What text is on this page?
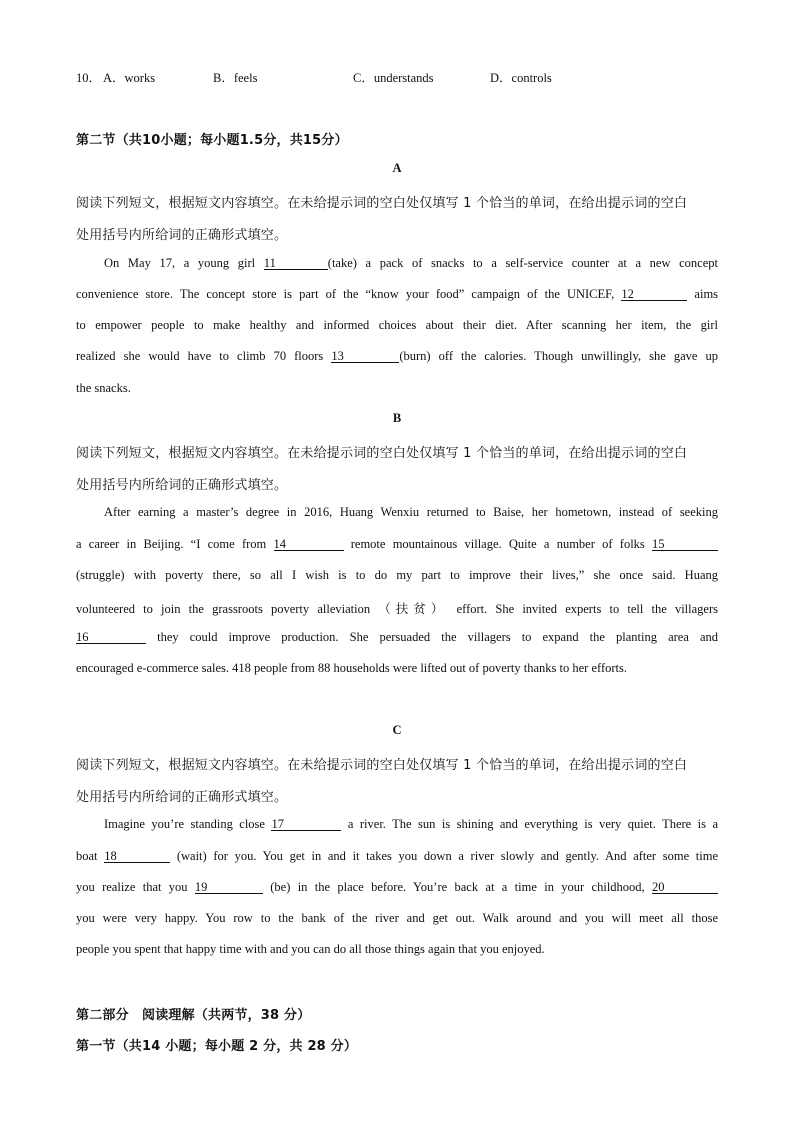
10． A．works	B．feels	C．understands	D．controls
第二节（共10小题；每小题1.5分，共15分）
A
阅读下列短文，根据短文内容填空。在未给提示词的空白处仅填写 1 个恰当的单词，在给出提示词的空白
处用括号内所给词的正确形式填空。
On May 17, a young girl 11	(take) a pack of snacks to a self-service counter at a new concept
convenience store. The concept store is part of the “know your food” campaign of the UNICEF, 12	aims
to empower people to make healthy and informed choices about their diet. After scanning her item, the girl
realized she would have to climb 70 floors 13	(burn) off the calories. Though unwillingly, she gave up
the snacks.
B
阅读下列短文，根据短文内容填空。在未给提示词的空白处仅填写 1 个恰当的单词，在给出提示词的空白
处用括号内所给词的正确形式填空。
After earning a master’s degree in 2016, Huang Wenxiu returned to Baise, her hometown, instead of seeking
a career in Beijing. “I come from 14	remote mountainous village. Quite a number of folks 15
(struggle) with poverty there, so all I wish is to do my part to improve their lives,” she once said. Huang
volunteered to join the grassroots poverty alleviation （扶贫） effort. She invited experts to tell the villagers
16	they could improve production. She persuaded the villagers to expand the planting area and
encouraged e-commerce sales. 418 people from 88 households were lifted out of poverty thanks to her efforts.
C
阅读下列短文，根据短文内容填空。在未给提示词的空白处仅填写 1 个恰当的单词，在给出提示词的空白
处用括号内所给词的正确形式填空。
Imagine you’re standing close 17	a river. The sun is shining and everything is very quiet. There is a
boat 18	(wait) for you. You get in and it takes you down a river slowly and gently. And after some time
you realize that you 19	(be) in the place before. You’re back at a time in your childhood, 20
you were very happy. You row to the bank of the river and get out. Walk around and you will meet all those
people you spent that happy time with and you can do all those things again that you enjoyed.
第二部分　阅读理解（共两节，38 分）
第一节（共14 小题；每小题 2 分，共 28 分）
